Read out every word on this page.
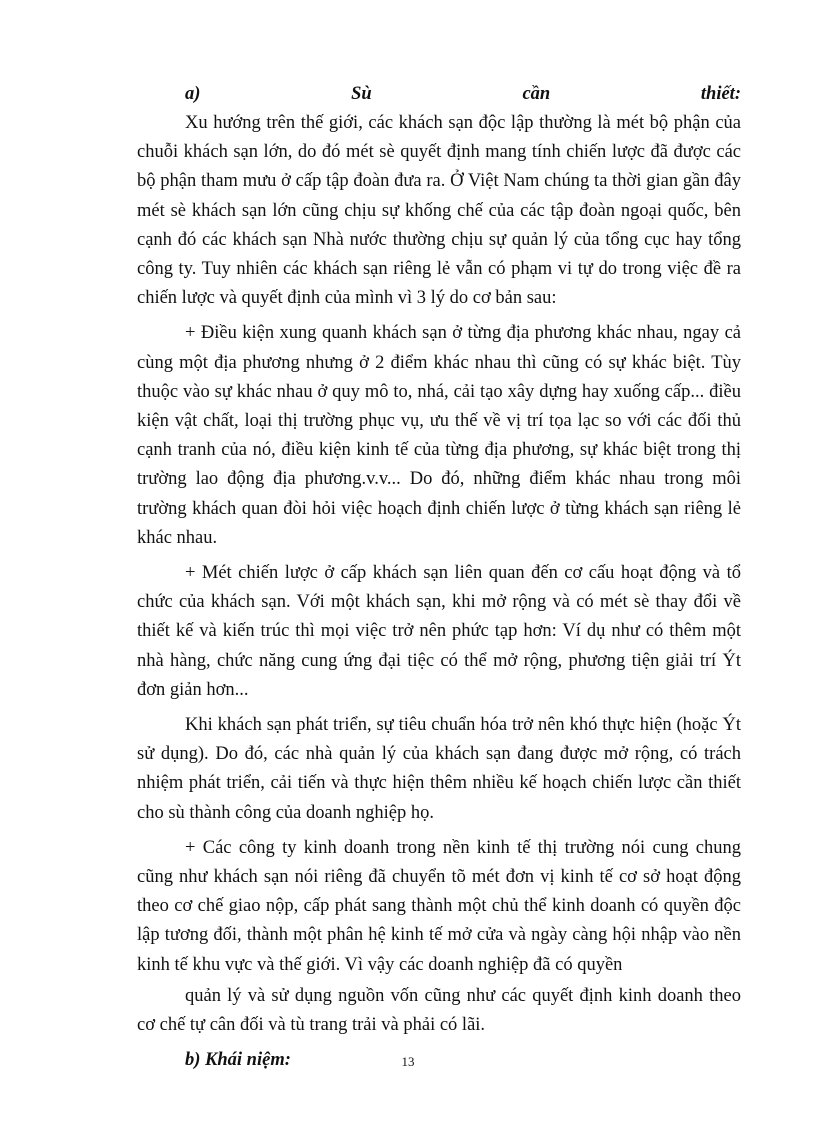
a)	Sù	cần	thiết:

Xu hướng trên thế giới, các khách sạn độc lập thường là mét bộ phận của chuỗi khách sạn lớn, do đó mét sè quyết định mang tính chiến lược đã được các bộ phận tham mưu ở cấp tập đoàn đưa ra. Ở Việt Nam chúng ta thời gian gần đây mét sè khách sạn lớn cũng chịu sự khống chế của các tập đoàn ngoại quốc, bên cạnh đó các khách sạn Nhà nước thường chịu sự quản lý của tổng cục hay tổng công ty. Tuy nhiên các khách sạn riêng lẻ vẫn có phạm vi tự do trong việc đề ra chiến lược và quyết định của mình vì 3 lý do cơ bản sau:

+ Điều kiện xung quanh khách sạn ở từng địa phương khác nhau, ngay cả cùng một địa phương nhưng ở 2 điểm khác nhau thì cũng có sự khác biệt. Tùy thuộc vào sự khác nhau ở quy mô to, nhá, cải tạo xây dựng hay xuống cấp... điều kiện vật chất, loại thị trường phục vụ, ưu thế về vị trí tọa lạc so với các đối thủ cạnh tranh của nó, điều kiện kinh tế của từng địa phương, sự khác biệt trong thị trường lao động địa phương.v.v... Do đó, những điểm khác nhau trong môi trường khách quan đòi hỏi việc hoạch định chiến lược ở từng khách sạn riêng lẻ khác nhau.

+ Mét chiến lược ở cấp khách sạn liên quan đến cơ cấu hoạt động và tổ chức của khách sạn. Với một khách sạn, khi mở rộng và có mét sè thay đổi về thiết kế và kiến trúc thì mọi việc trở nên phức tạp hơn: Ví dụ như có thêm một nhà hàng, chức năng cung ứng đại tiệc có thể mở rộng, phương tiện giải trí Ýt đơn giản hơn...

Khi khách sạn phát triển, sự tiêu chuẩn hóa trở nên khó thực hiện (hoặc Ýt sử dụng). Do đó, các nhà quản lý của khách sạn đang được mở rộng, có trách nhiệm phát triển, cải tiến và thực hiện thêm nhiều kế hoạch chiến lược cần thiết cho sù thành công của doanh nghiệp họ.

+ Các công ty kinh doanh trong nền kinh tế thị trường nói cung chung cũng như khách sạn nói riêng đã chuyển tõ mét đơn vị kinh tế cơ sở hoạt động theo cơ chế giao nộp, cấp phát sang thành một chủ thể kinh doanh có quyền độc lập tương đối, thành một phân hệ kinh tế mở cửa và ngày càng hội nhập vào nền kinh tế khu vực và thế giới. Vì vậy các doanh nghiệp đã có quyền

quản lý và sử dụng nguồn vốn cũng như các quyết định kinh doanh theo cơ chế tự cân đối và tù trang trải và phải có lãi.

b) Khái niệm:	13
